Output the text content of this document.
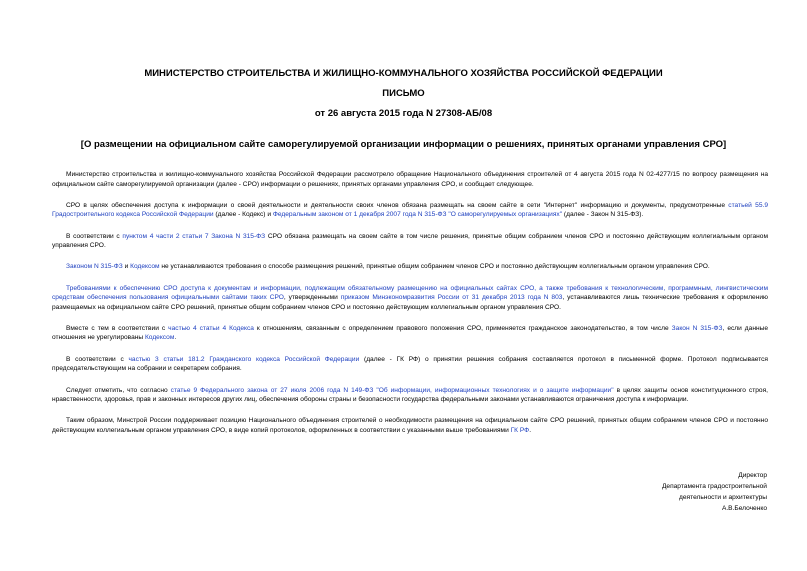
МИНИСТЕРСТВО СТРОИТЕЛЬСТВА И ЖИЛИЩНО-КОММУНАЛЬНОГО ХОЗЯЙСТВА РОССИЙСКОЙ ФЕДЕРАЦИИ
ПИСЬМО
от 26 августа 2015 года N 27308-АБ/08
[О размещении на официальном сайте саморегулируемой организации информации о решениях, принятых органами управления СРО]

Министерство строительства и жилищно-коммунального хозяйства Российской Федерации рассмотрело обращение Национального объединения строителей от 4 августа 2015 года N 02-4277/15 по вопросу размещения на официальном сайте саморегулируемой организации (далее - СРО) информации о решениях, принятых органами управления СРО, и сообщает следующее.

СРО в целях обеспечения доступа к информации о своей деятельности и деятельности своих членов обязана размещать на своем сайте в сети "Интернет" информацию и документы, предусмотренные статьей 55.9 Градостроительного кодекса Российской Федерации (далее - Кодекс) и Федеральным законом от 1 декабря 2007 года N 315-ФЗ "О саморегулируемых организациях" (далее - Закон N 315-ФЗ).

В соответствии с пунктом 4 части 2 статьи 7 Закона N 315-ФЗ СРО обязана размещать на своем сайте в том числе решения, принятые общим собранием членов СРО и постоянно действующим коллегиальным органом управления СРО.

Законом N 315-ФЗ и Кодексом не устанавливаются требования о способе размещения решений, принятые общим собранием членов СРО и постоянно действующим коллегиальным органом управления СРО.

Требованиями к обеспечению СРО доступа к документам и информации, подлежащим обязательному размещению на официальных сайтах СРО, а также требования к технологическим, программным, лингвистическим средствам обеспечения пользования официальными сайтами таких СРО, утвержденными приказом Минэкономразвития России от 31 декабря 2013 года N 803, устанавливаются лишь технические требования к оформлению размещаемых на официальном сайте СРО решений, принятые общим собранием членов СРО и постоянно действующим коллегиальным органом управления СРО.

Вместе с тем в соответствии с частью 4 статьи 4 Кодекса к отношениям, связанным с определением правового положения СРО, применяется гражданское законодательство, в том числе Закон N 315-ФЗ, если данные отношения не урегулированы Кодексом.

В соответствии с частью 3 статьи 181.2 Гражданского кодекса Российской Федерации (далее - ГК РФ) о принятии решения собрания составляется протокол в письменной форме. Протокол подписывается председательствующим на собрании и секретарем собрания.

Следует отметить, что согласно статье 9 Федерального закона от 27 июля 2006 года N 149-ФЗ "Об информации, информационных технологиях и о защите информации" в целях защиты основ конституционного строя, нравственности, здоровья, прав и законных интересов других лиц, обеспечения обороны страны и безопасности государства федеральными законами устанавливаются ограничения доступа к информации.

Таким образом, Минстрой России поддерживает позицию Национального объединения строителей о необходимости размещения на официальном сайте СРО решений, принятых общим собранием членов СРО и постоянно действующим коллегиальным органом управления СРО, в виде копий протоколов, оформленных в соответствии с указанными выше требованиями ГК РФ.

Директор
Департамента градостроительной
деятельности и архитектуры
А.В.Белоченко
